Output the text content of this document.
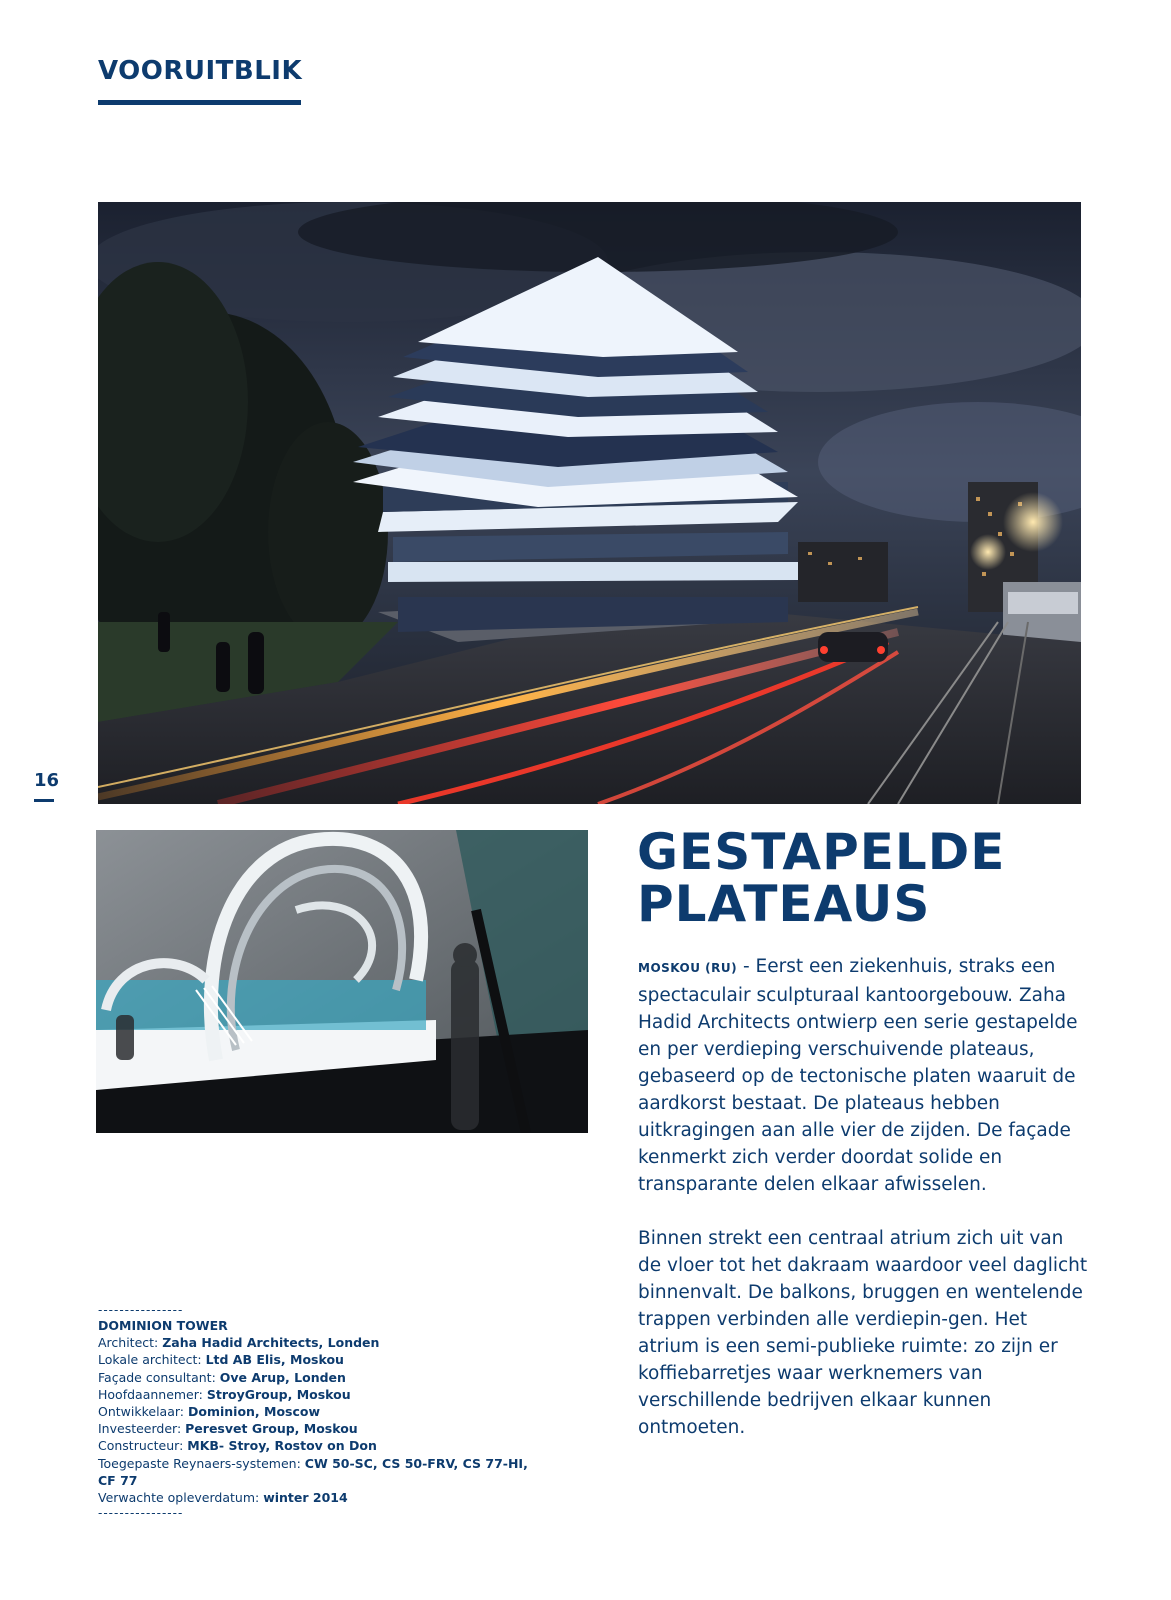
VOORUITBLIK
16
GESTAPELDE
PLATEAUS

MOSKOU (RU) - Eerst een ziekenhuis, straks een spectaculair sculpturaal kantoorgebouw. Zaha Hadid Architects ontwierp een serie gestapelde en per verdieping verschuivende plateaus, gebaseerd op de tectonische platen waaruit de aardkorst bestaat. De plateaus hebben uitkragingen aan alle vier de zijden. De façade kenmerkt zich verder doordat solide en transparante delen elkaar afwisselen.

Binnen strekt een centraal atrium zich uit van de vloer tot het dakraam waardoor veel daglicht binnenvalt. De balkons, bruggen en wentelende trappen verbinden alle verdiepin-gen. Het atrium is een semi-publieke ruimte: zo zijn er koffiebarretjes waar werknemers van verschillende bedrijven elkaar kunnen ontmoeten.

----------------
DOMINION TOWER
Architect: Zaha Hadid Architects, Londen
Lokale architect: Ltd AB Elis, Moskou
Façade consultant: Ove Arup, Londen
Hoofdaannemer: StroyGroup, Moskou
Ontwikkelaar: Dominion, Moscow
Investeerder: Peresvet Group, Moskou
Constructeur: MKB- Stroy, Rostov on Don
Toegepaste Reynaers-systemen: CW 50-SC, CS 50-FRV, CS 77-HI, CF 77
Verwachte opleverdatum: winter 2014
----------------
